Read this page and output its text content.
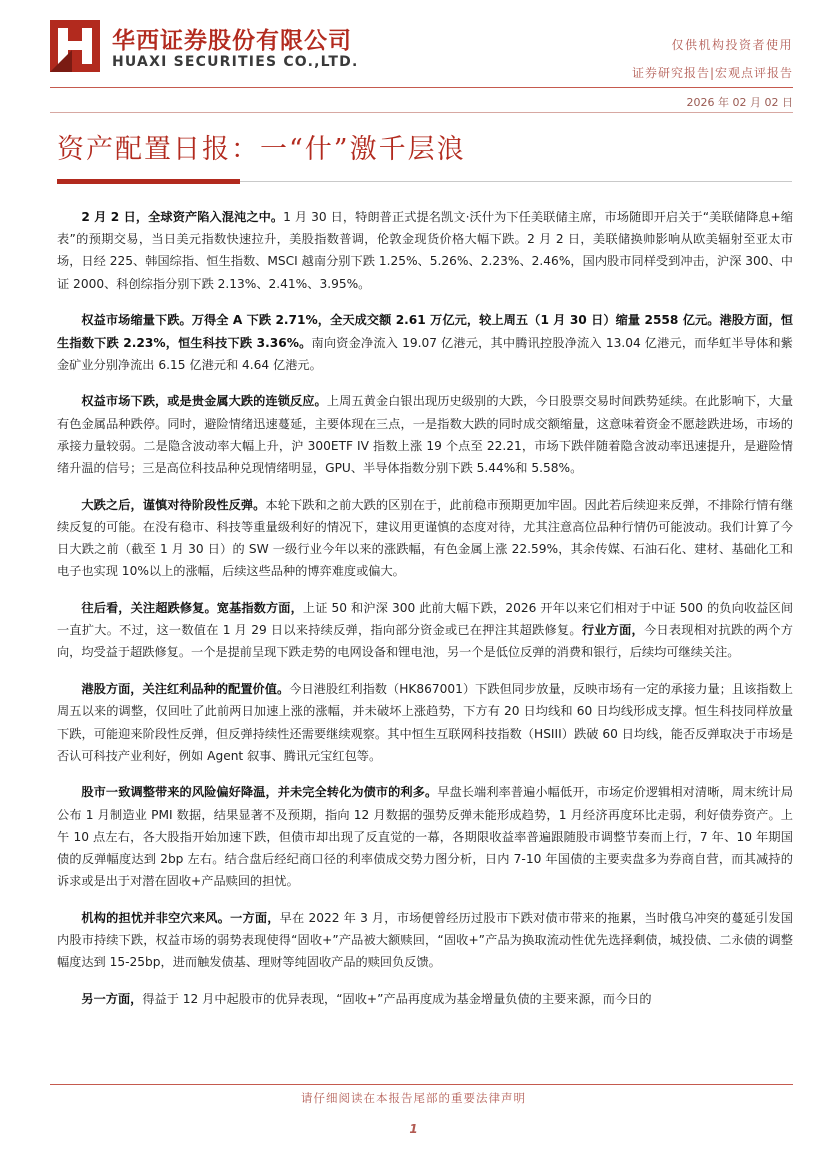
华西证券股份有限公司
HUAXI SECURITIES CO.,LTD.
仅供机构投资者使用
证券研究报告|宏观点评报告
2026 年 02 月 02 日
资产配置日报：一“什”激千层浪

2 月 2 日，全球资产陷入混沌之中。1 月 30 日，特朗普正式提名凯文·沃什为下任美联储主席，市场随即开启关于“美联储降息+缩表”的预期交易，当日美元指数快速拉升，美股指数普调，伦敦金现货价格大幅下跌。2 月 2 日，美联储换帅影响从欧美辐射至亚太市场，日经 225、韩国综指、恒生指数、MSCI 越南分别下跌 1.25%、5.26%、2.23%、2.46%，国内股市同样受到冲击，沪深 300、中证 2000、科创综指分别下跌 2.13%、2.41%、3.95%。

权益市场缩量下跌。万得全 A 下跌 2.71%，全天成交额 2.61 万亿元，较上周五（1 月 30 日）缩量 2558 亿元。港股方面，恒生指数下跌 2.23%，恒生科技下跌 3.36%。南向资金净流入 19.07 亿港元，其中腾讯控股净流入 13.04 亿港元，而华虹半导体和紫金矿业分别净流出 6.15 亿港元和 4.64 亿港元。

权益市场下跌，或是贵金属大跌的连锁反应。上周五黄金白银出现历史级别的大跌，今日股票交易时间跌势延续。在此影响下，大量有色金属品种跌停。同时，避险情绪迅速蔓延，主要体现在三点，一是指数大跌的同时成交额缩量，这意味着资金不愿趁跌进场，市场的承接力量较弱。二是隐含波动率大幅上升，沪 300ETF IV 指数上涨 19 个点至 22.21，市场下跌伴随着隐含波动率迅速提升，是避险情绪升温的信号；三是高位科技品种兑现情绪明显，GPU、半导体指数分别下跌 5.44%和 5.58%。

大跌之后，谨慎对待阶段性反弹。本轮下跌和之前大跌的区别在于，此前稳市预期更加牢固。因此若后续迎来反弹，不排除行情有继续反复的可能。在没有稳市、科技等重量级利好的情况下，建议用更谨慎的态度对待，尤其注意高位品种行情仍可能波动。我们计算了今日大跌之前（截至 1 月 30 日）的 SW 一级行业今年以来的涨跌幅，有色金属上涨 22.59%，其余传媒、石油石化、建材、基础化工和电子也实现 10%以上的涨幅，后续这些品种的博弈难度或偏大。

往后看，关注超跌修复。宽基指数方面，上证 50 和沪深 300 此前大幅下跌，2026 开年以来它们相对于中证 500 的负向收益区间一直扩大。不过，这一数值在 1 月 29 日以来持续反弹，指向部分资金或已在押注其超跌修复。行业方面，今日表现相对抗跌的两个方向，均受益于超跌修复。一个是提前呈现下跌走势的电网设备和锂电池，另一个是低位反弹的消费和银行，后续均可继续关注。

港股方面，关注红利品种的配置价值。今日港股红利指数（HK867001）下跌但同步放量，反映市场有一定的承接力量；且该指数上周五以来的调整，仅回吐了此前两日加速上涨的涨幅，并未破坏上涨趋势，下方有 20 日均线和 60 日均线形成支撑。恒生科技同样放量下跌，可能迎来阶段性反弹，但反弹持续性还需要继续观察。其中恒生互联网科技指数（HSIII）跌破 60 日均线，能否反弹取决于市场是否认可科技产业利好，例如 Agent 叙事、腾讯元宝红包等。

股市一致调整带来的风险偏好降温，并未完全转化为债市的利多。早盘长端利率普遍小幅低开，市场定价逻辑相对清晰，周末统计局公布 1 月制造业 PMI 数据，结果显著不及预期，指向 12 月数据的强势反弹未能形成趋势，1 月经济再度环比走弱，利好债券资产。上午 10 点左右，各大股指开始加速下跌，但债市却出现了反直觉的一幕，各期限收益率普遍跟随股市调整节奏而上行，7 年、10 年期国债的反弹幅度达到 2bp 左右。结合盘后经纪商口径的利率债成交势力图分析，日内 7-10 年国债的主要卖盘多为券商自营，而其减持的诉求或是出于对潜在固收+产品赎回的担忧。

机构的担忧并非空穴来风。一方面，早在 2022 年 3 月，市场便曾经历过股市下跌对债市带来的拖累，当时俄乌冲突的蔓延引发国内股市持续下跌，权益市场的弱势表现使得“固收+”产品被大额赎回，“固收+”产品为换取流动性优先选择剩债，城投债、二永债的调整幅度达到 15-25bp，进而触发债基、理财等纯固收产品的赎回负反馈。

另一方面，得益于 12 月中起股市的优异表现，“固收+”产品再度成为基金增量负债的主要来源，而今日的

请仔细阅读在本报告尾部的重要法律声明
1
